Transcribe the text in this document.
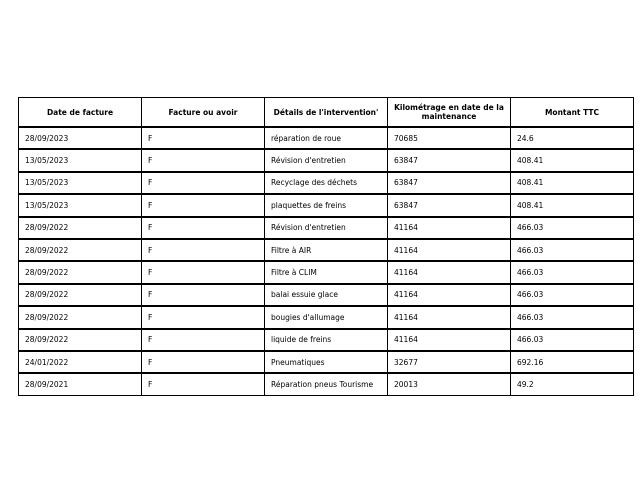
Date de facture	Facture ou avoir	Détails de l'intervention'	Kilométrage en date de la maintenance	Montant TTC
28/09/2023	F	réparation de roue	70685	24.6
13/05/2023	F	Révision d'entretien	63847	408.41
13/05/2023	F	Recyclage des déchets	63847	408.41
13/05/2023	F	plaquettes de freins	63847	408.41
28/09/2022	F	Révision d'entretien	41164	466.03
28/09/2022	F	Filtre à AIR	41164	466.03
28/09/2022	F	Filtre à CLIM	41164	466.03
28/09/2022	F	balai essuie glace	41164	466.03
28/09/2022	F	bougies d'allumage	41164	466.03
28/09/2022	F	liquide de freins	41164	466.03
24/01/2022	F	Pneumatiques	32677	692.16
28/09/2021	F	Réparation pneus Tourisme	20013	49.2
